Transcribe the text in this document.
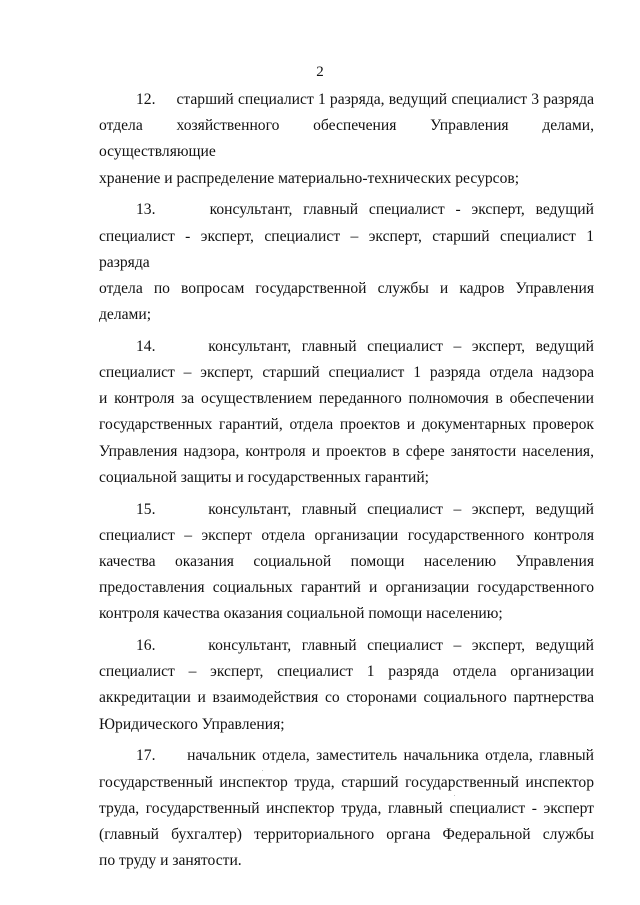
2
12. старший специалист 1 разряда, ведущий специалист 3 разряда
отдела хозяйственного обеспечения Управления делами, осуществляющие
хранение и распределение материально-технических ресурсов;
13.	консультант, главный специалист - эксперт, ведущий
специалист - эксперт, специалист – эксперт, старший специалист 1 разряда
отдела по вопросам государственной службы и кадров Управления делами;
14.	консультант, главный специалист – эксперт, ведущий
специалист – эксперт, старший специалист 1 разряда отдела надзора
и контроля за осуществлением переданного полномочия в обеспечении
государственных гарантий, отдела проектов и документарных проверок
Управления надзора, контроля и проектов в сфере занятости населения,
социальной защиты и государственных гарантий;
15.	консультант, главный специалист – эксперт, ведущий
специалист – эксперт отдела организации государственного контроля
качества оказания социальной помощи населению Управления
предоставления социальных гарантий и организации государственного
контроля качества оказания социальной помощи населению;
16.	консультант, главный специалист – эксперт, ведущий
специалист – эксперт, специалист 1 разряда отдела организации
аккредитации и взаимодействия со сторонами социального партнерства
Юридического Управления;
17. начальник отдела, заместитель начальника отдела, главный
государственный инспектор труда, старший государственный инспектор
труда, государственный инспектор труда, главный специалист - эксперт
(главный бухгалтер) территориального органа Федеральной службы
по труду и занятости.
